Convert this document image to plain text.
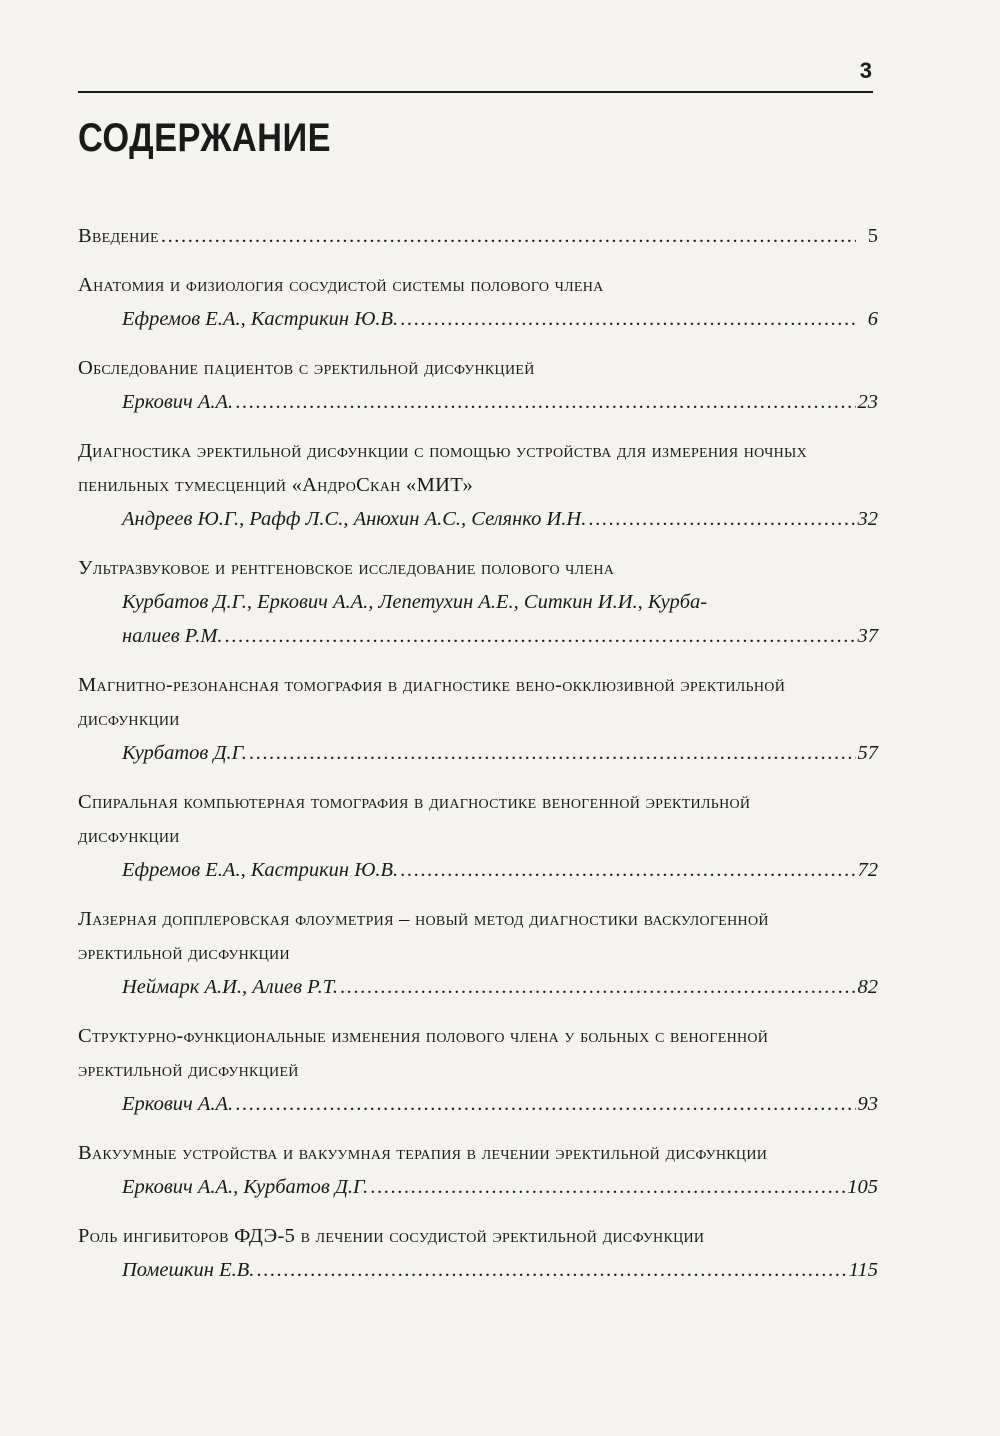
3
СОДЕРЖАНИЕ
Введение .....	5
Анатомия и физиология сосудистой системы полового члена
Ефремов Е.А., Кастрикин Ю.В. .....	6
Обследование пациентов с эректильной дисфункцией
Еркович А.А. .....	23
Диагностика эректильной дисфункции с помощью устройства для измерения ночных пенильных тумесценций «АндроСкан «МИТ»
Андреев Ю.Г., Рафф Л.С., Анюхин А.С., Селянко И.Н. .....	32
Ультразвуковое и рентгеновское исследование полового члена
Курбатов Д.Г., Еркович А.А., Лепетухин А.Е., Ситкин И.И., Курба-
налиев Р.М. .....	37
Магнитно-резонансная томография в диагностике вено-окклюзивной эректильной дисфункции
Курбатов Д.Г. .....	57
Спиральная компьютерная томография в диагностике веногенной эректильной дисфункции
Ефремов Е.А., Кастрикин Ю.В. .....	72
Лазерная допплеровская флоуметрия – новый метод диагностики васкулогенной эректильной дисфункции
Неймарк А.И., Алиев Р.Т. .....	82
Структурно-функциональные изменения полового члена у больных с веногенной эректильной дисфункцией
Еркович А.А. .....	93
Вакуумные устройства и вакуумная терапия в лечении эректильной дисфункции
Еркович А.А., Курбатов Д.Г. .....	105
Роль ингибиторов ФДЭ-5 в лечении сосудистой эректильной дисфункции
Помешкин Е.В. .....	115
